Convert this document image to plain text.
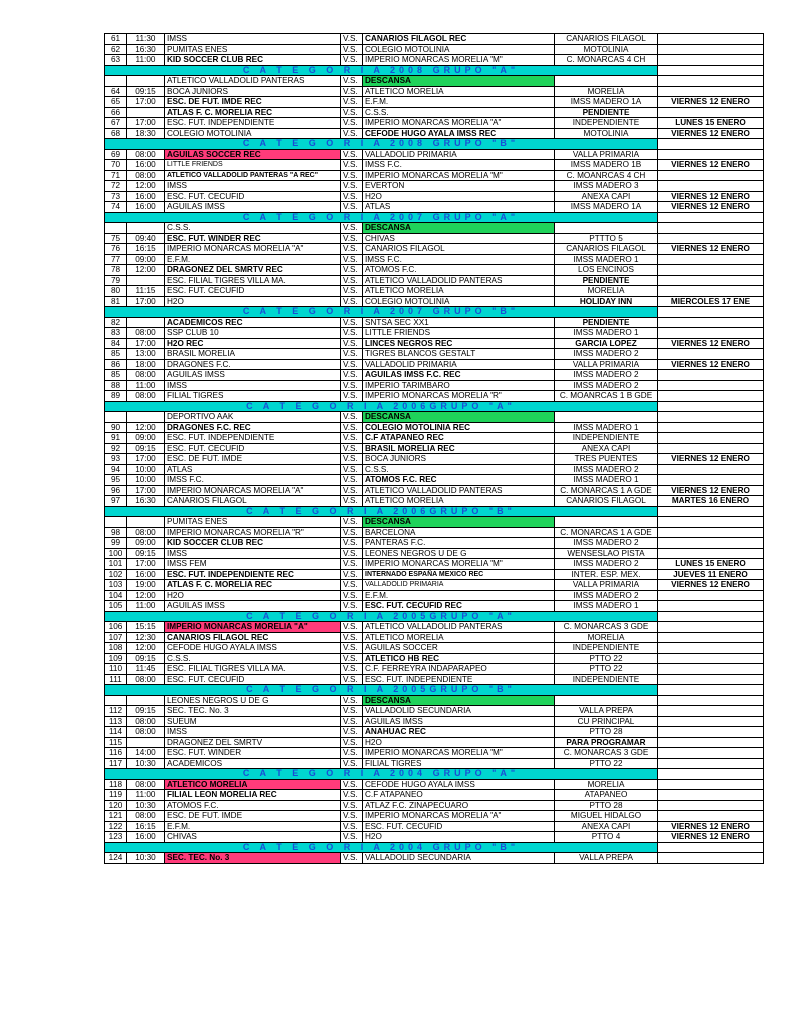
61	11:30	IMSS	V.S.	CANARIOS FILAGOL REC	CANARIOS FILAGOL	
62	16:30	PUMITAS ENES	V.S.	COLEGIO MOTOLINIA	MOTOLINIA	
63	11:00	KID SOCCER CLUB REC	V.S.	IMPERIO MONARCAS MORELIA "M"	C. MONARCAS 4 CH	
C A T E G O R I A 2008 GRUPO "A"						
		ATLETICO VALLADOLID PANTERAS	V.S.	DESCANSA		
64	09:15	BOCA JUNIORS	V.S.	ATLETICO MORELIA	MORELIA	
65	17:00	ESC. DE FUT. IMDE REC	V.S.	E.F.M.	IMSS MADERO 1A	VIERNES 12 ENERO
66		ATLAS F. C. MORELIA REC	V.S.	C.S.S.	PENDIENTE	
67	17:00	ESC. FUT. INDEPENDIENTE	V.S.	IMPERIO MONARCAS MORELIA "A"	INDEPENDIENTE	LUNES 15 ENERO
68	18:30	COLEGIO MOTOLINIA	V.S.	CEFODE HUGO AYALA IMSS REC	MOTOLINIA	VIERNES 12 ENERO
C A T E G O R I A 2008 GRUPO "B"						
69	08:00	AGUILAS SOCCER REC	V.S.	VALLADOLID PRIMARIA	VALLA PRIMARIA	
70	16:00	LITTLE FRIENDS	V.S.	IMSS F.C.	IMSS MADERO 1B	VIERNES 12 ENERO
71	08:00	ATLETICO VALLADOLID PANTERAS "A REC"	V.S.	IMPERIO MONARCAS MORELIA "M"	C. MOANRCAS 4 CH	
72	12:00	IMSS	V.S.	EVERTON	IMSS MADERO 3	
73	16:00	ESC. FUT. CECUFID	V.S.	H2O	ANEXA CAPI	VIERNES 12 ENERO
74	16:00	AGUILAS IMSS	V.S.	ATLAS	IMSS MADERO 1A	VIERNES 12 ENERO
C A T E G O R I A 2007 GRUPO "A"						
		C.S.S.	V.S.	DESCANSA		
75	09:40	ESC. FUT. WINDER REC	V.S.	CHIVAS	PTTTO 5	
76	16:15	IMPERIO MONARCAS MORELIA "A"	V.S.	CANARIOS FILAGOL	CANARIOS FILAGOL	VIERNES 12 ENERO
77	09:00	E.F.M.	V.S.	IMSS F.C.	IMSS MADERO 1	
78	12:00	DRAGONEZ DEL SMRTV REC	V.S.	ATOMOS F.C.	LOS ENCINOS	
79		ESC. FILIAL TIGRES VILLA MA.	V.S.	ATLETICO VALLADOLID PANTERAS	PENDIENTE	
80	11:15	ESC. FUT. CECUFID	V.S.	ATLETICO MORELIA	MORELIA	
81	17:00	H2O	V.S.	COLEGIO MOTOLINIA	HOLIDAY INN	MIERCOLES 17 ENE
C A T E G O R I A 2007 GRUPO "B"						
82		ACADEMICOS REC	V.S.	SNTSA SEC XX1	PENDIENTE	
83	08:00	SSP CLUB 10	V.S.	LITTLE FRIENDS	IMSS MADERO 1	
84	17:00	H2O REC	V.S.	LINCES NEGROS REC	GARCIA LOPEZ	VIERNES 12 ENERO
85	13:00	BRASIL MORELIA	V.S.	TIGRES BLANCOS GESTALT	IMSS MADERO 2	
86	18:00	DRAGONES F.C.	V.S.	VALLADOLID PRIMARIA	VALLA PRIMARIA	VIERNES 12 ENERO
85	08:00	AGUILAS IMSS	V.S.	AGUILAS IMSS F.C. REC	IMSS MADERO 2	
88	11:00	IMSS	V.S.	IMPERIO TARIMBARO	IMSS MADERO 2	
89	08:00	FILIAL TIGRES	V.S.	IMPERIO MONARCAS MORELIA "R"	C. MOANRCAS 1 B GDE	
C A T E G O R I A 2006GRUPO "A"						
		DEPORTIVO AAK	V.S.	DESCANSA		
90	12:00	DRAGONES F.C. REC	V.S.	COLEGIO MOTOLINIA REC	IMSS MADERO 1	
91	09:00	ESC. FUT. INDEPENDIENTE	V.S.	C.F ATAPANEO REC	INDEPENDIENTE	
92	09:15	ESC. FUT. CECUFID	V.S.	BRASIL MORELIA REC	ANEXA CAPI	
93	17:00	ESC. DE FUT. IMDE	V.S.	BOCA JUNIORS	TRES PUENTES	VIERNES 12 ENERO
94	10:00	ATLAS	V.S.	C.S.S.	IMSS MADERO 2	
95	10:00	IMSS F.C.	V.S.	ATOMOS F.C. REC	IMSS MADERO 1	
96	17:00	IMPERIO MONARCAS MORELIA "A"	V.S.	ATLETICO VALLADOLID PANTERAS	C. MONARCAS 1 A GDE	VIERNES 12 ENERO
97	16:30	CANARIOS FILAGOL	V.S.	ATLETICO MORELIA	CANARIOS FILAGOL	MARTES 16 ENERO
C A T E G O R I A 2006GRUPO "B"						
		PUMITAS ENES	V.S.	DESCANSA		
98	08:00	IMPERIO MONARCAS MORELIA "R"	V.S.	BARCELONA	C. MONARCAS 1 A GDE	
99	09:00	KID SOCCER CLUB REC	V.S.	PANTERAS F.C.	IMSS MADERO 2	
100	09:15	IMSS	V.S.	LEONES NEGROS U DE G	WENSESLAO PISTA	
101	17:00	IMSS FEM	V.S.	IMPERIO MONARCAS MORELIA "M"	IMSS MADERO 2	LUNES 15 ENERO
102	16:00	ESC. FUT. INDEPENDIENTE REC	V.S.	INTERNADO ESPAÑA MEXICO REC	INTER. ESP. MEX.	JUEVES 11 ENERO
103	19:00	ATLAS F. C. MORELIA REC	V.S.	VALLADOLID PRIMARIA	VALLA PRIMARIA	VIERNES 12 ENERO
104	12:00	H2O	V.S.	E.F.M.	IMSS MADERO 2	
105	11:00	AGUILAS IMSS	V.S.	ESC. FUT. CECUFID REC	IMSS MADERO 1	
C A T E G O R I A 2005GRUPO "A"						
106	15:15	IMPERIO MONARCAS MORELIA "A"	V.S.	ATLETICO VALLADOLID PANTERAS	C. MONARCAS 3 GDE	
107	12:30	CANARIOS FILAGOL REC	V.S.	ATLETICO MORELIA	MORELIA	
108	12:00	CEFODE HUGO AYALA IMSS	V.S.	AGUILAS SOCCER	INDEPENDIENTE	
109	09:15	C.S.S.	V.S.	ATLETICO HB REC	PTTO 22	
110	11:45	ESC. FILIAL TIGRES VILLA MA.	V.S.	C.F. FERREYRA INDAPARAPEO	PTTO 22	
111	08:00	ESC. FUT. CECUFID	V.S.	ESC. FUT. INDEPENDIENTE	INDEPENDIENTE	
C A T E G O R I A 2005GRUPO "B"						
		LEONES NEGROS U DE G	V.S.	DESCANSA		
112	09:15	SEC. TEC. No. 3	V.S.	VALLADOLID SECUNDARIA	VALLA PREPA	
113	08:00	SUEUM	V.S.	AGUILAS IMSS	CU PRINCIPAL	
114	08:00	IMSS	V.S.	ANAHUAC REC	PTTO 28	
115		DRAGONEZ DEL SMRTV	V.S.	H2O	PARA PROGRAMAR	
116	14:00	ESC. FUT. WINDER	V.S.	IMPERIO MONARCAS MORELIA "M"	C. MONARCAS 3 GDE	
117	10:30	ACADEMICOS	V.S.	FILIAL TIGRES	PTTO 22	
C A T E G O R I A 2004 GRUPO "A"						
118	08:00	ATLETICO MORELIA	V.S.	CEFODE HUGO AYALA IMSS	MORELIA	
119	11:00	FILIAL LEON MORELIA REC	V.S.	C.F ATAPANEO	ATAPANEO	
120	10:30	ATOMOS F.C.	V.S.	ATLAZ F.C. ZINAPECUARO	PTTO 28	
121	08:00	ESC. DE FUT. IMDE	V.S.	IMPERIO MONARCAS MORELIA "A"	MIGUEL HIDALGO	
122	16:15	E.F.M.	V.S.	ESC. FUT. CECUFID	ANEXA CAPI	VIERNES 12 ENERO
123	16:00	CHIVAS	V.S.	H2O	PTTO 4	VIERNES 12 ENERO
C A T E G O R I A 2004 GRUPO "B"						
124	10:30	SEC. TEC. No. 3	V.S.	VALLADOLID SECUNDARIA	VALLA PREPA	
